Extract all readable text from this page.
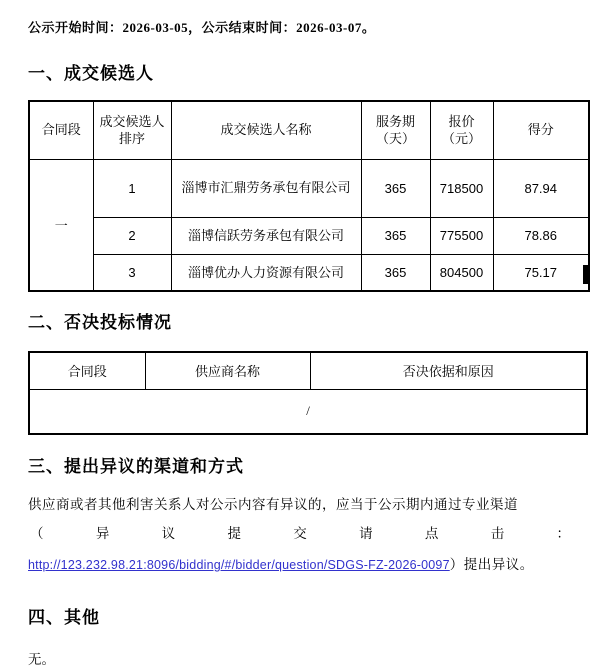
公示开始时间：2026-03-05，公示结束时间：2026-03-07。
一、成交候选人
合同段	成交候选人排序	成交候选人名称	服务期（天）	报价（元）	得分
一	1	淄博市汇鼎劳务承包有限公司	365	718500	87.94
	2	淄博信跃劳务承包有限公司	365	775500	78.86
	3	淄博优办人力资源有限公司	365	804500	75.17
二、否决投标情况
合同段	供应商名称	否决依据和原因
/
三、提出异议的渠道和方式
供应商或者其他利害关系人对公示内容有异议的，应当于公示期内通过专业渠道
（	异	议	提	交	请	点	击	：
http://123.232.98.21:8096/bidding/#/bidder/question/SDGS-FZ-2026-0097）提出异议。
四、其他
无。
